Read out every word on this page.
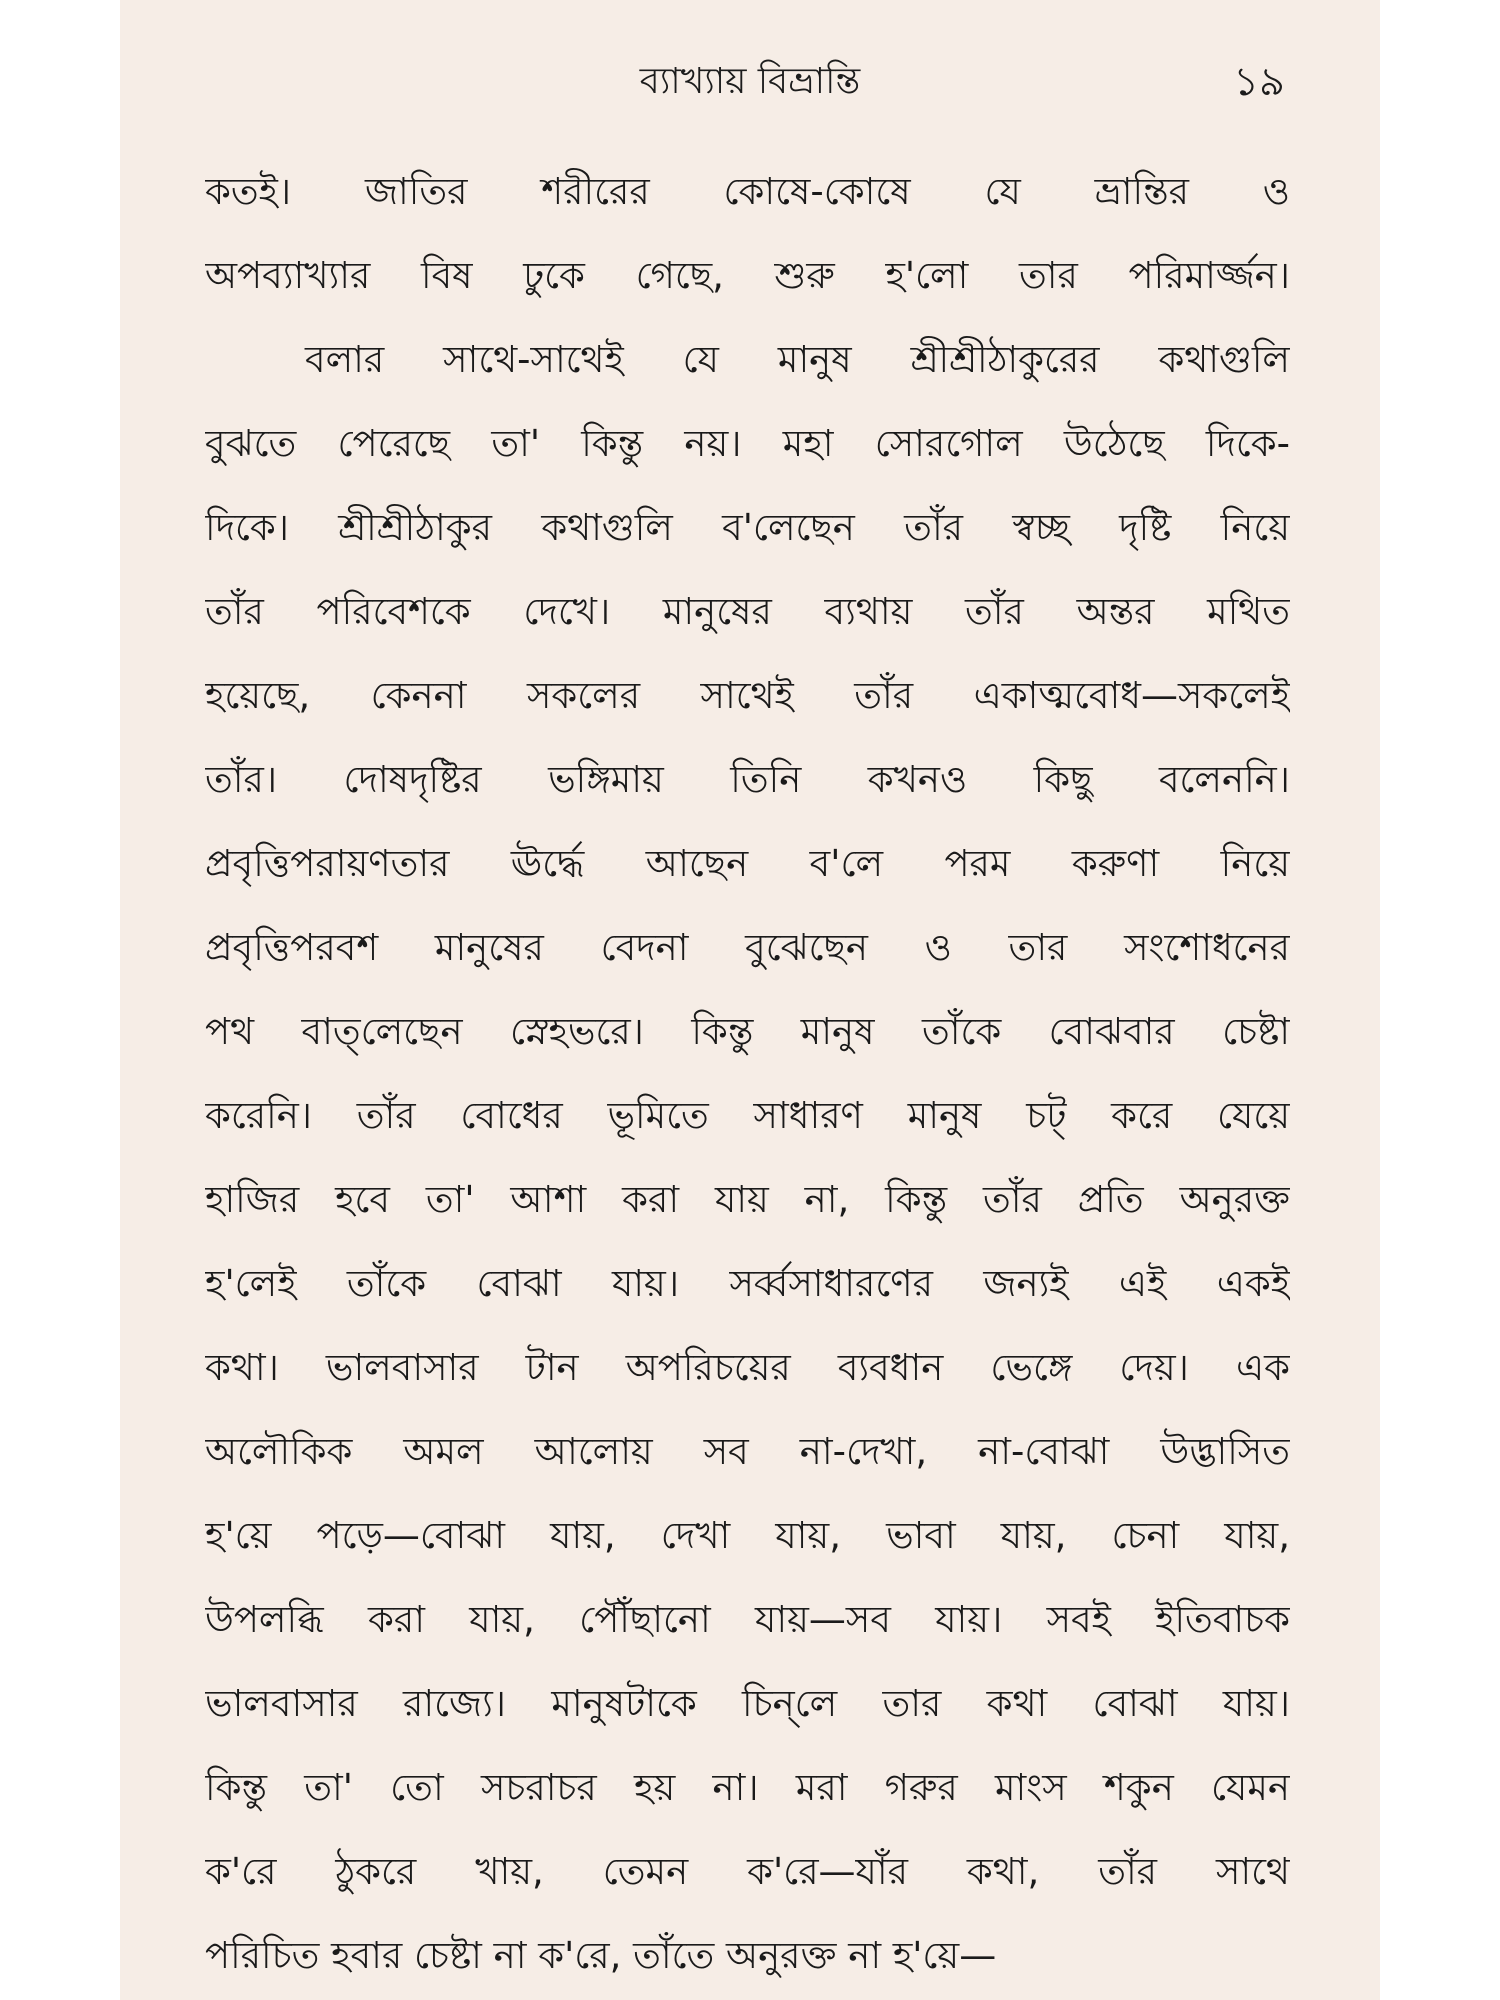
ব্যাখ্যায় বিভ্রান্তি	১৯
কতই। জাতির শরীরের কোষে-কোষে যে ভ্রান্তির ও
অপব্যাখ্যার বিষ ঢুকে গেছে, শুরু হ'লো তার পরিমার্জ্জন।
বলার সাথে-সাথেই যে মানুষ শ্রীশ্রীঠাকুরের কথাগুলি
বুঝতে পেরেছে তা' কিন্তু নয়। মহা সোরগোল উঠেছে দিকে-
দিকে। শ্রীশ্রীঠাকুর কথাগুলি ব'লেছেন তাঁর স্বচ্ছ দৃষ্টি নিয়ে
তাঁর পরিবেশকে দেখে। মানুষের ব্যথায় তাঁর অন্তর মথিত
হয়েছে, কেননা সকলের সাথেই তাঁর একাত্মবোধ—সকলেই
তাঁর। দোষদৃষ্টির ভঙ্গিমায় তিনি কখনও কিছু বলেননি।
প্রবৃত্তিপরায়ণতার ঊর্দ্ধে আছেন ব'লে পরম করুণা নিয়ে
প্রবৃত্তিপরবশ মানুষের বেদনা বুঝেছেন ও তার সংশোধনের
পথ বাত্‌লেছেন স্নেহভরে। কিন্তু মানুষ তাঁকে বোঝবার চেষ্টা
করেনি। তাঁর বোধের ভূমিতে সাধারণ মানুষ চট্‌ করে যেয়ে
হাজির হবে তা' আশা করা যায় না, কিন্তু তাঁর প্রতি অনুরক্ত
হ'লেই তাঁকে বোঝা যায়। সর্ব্বসাধারণের জন্যই এই একই
কথা। ভালবাসার টান অপরিচয়ের ব্যবধান ভেঙ্গে দেয়। এক
অলৌকিক অমল আলোয় সব না-দেখা, না-বোঝা উদ্ভাসিত
হ'য়ে পড়ে—বোঝা যায়, দেখা যায়, ভাবা যায়, চেনা যায়,
উপলব্ধি করা যায়, পৌঁছানো যায়—সব যায়। সবই ইতিবাচক
ভালবাসার রাজ্যে। মানুষটাকে চিন্‌লে তার কথা বোঝা যায়।
কিন্তু তা' তো সচরাচর হয় না। মরা গরুর মাংস শকুন যেমন
ক'রে ঠুকরে খায়, তেমন ক'রে—যাঁর কথা, তাঁর সাথে
পরিচিত হবার চেষ্টা না ক'রে, তাঁতে অনুরক্ত না হ'য়ে—
